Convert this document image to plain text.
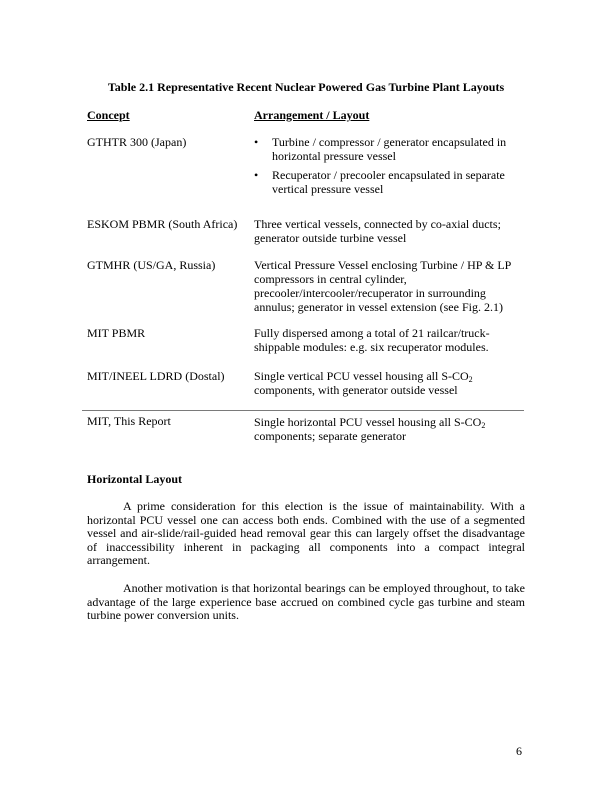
Table 2.1 Representative Recent Nuclear Powered Gas Turbine Plant Layouts
Concept	Arrangement / Layout
GTHTR 300 (Japan)	• Turbine / compressor / generator encapsulated in horizontal pressure vessel
• Recuperator / precooler encapsulated in separate vertical pressure vessel
ESKOM PBMR (South Africa)	Three vertical vessels, connected by co-axial ducts; generator outside turbine vessel
GTMHR (US/GA, Russia)	Vertical Pressure Vessel enclosing Turbine / HP & LP compressors in central cylinder, precooler/intercooler/recuperator in surrounding annulus; generator in vessel extension (see Fig. 2.1)
MIT PBMR	Fully dispersed among a total of 21 railcar/truck-shippable modules: e.g. six recuperator modules.
MIT/INEEL LDRD (Dostal)	Single vertical PCU vessel housing all $S-CO_2$ components, with generator outside vessel
MIT, This Report	Single horizontal PCU vessel housing all $S-CO_2$ components; separate generator
Horizontal Layout

A prime consideration for this election is the issue of maintainability. With a horizontal PCU vessel one can access both ends. Combined with the use of a segmented vessel and air-slide/rail-guided head removal gear this can largely offset the disadvantage of inaccessibility inherent in packaging all components into a compact integral arrangement.

Another motivation is that horizontal bearings can be employed throughout, to take advantage of the large experience base accrued on combined cycle gas turbine and steam turbine power conversion units.

6
